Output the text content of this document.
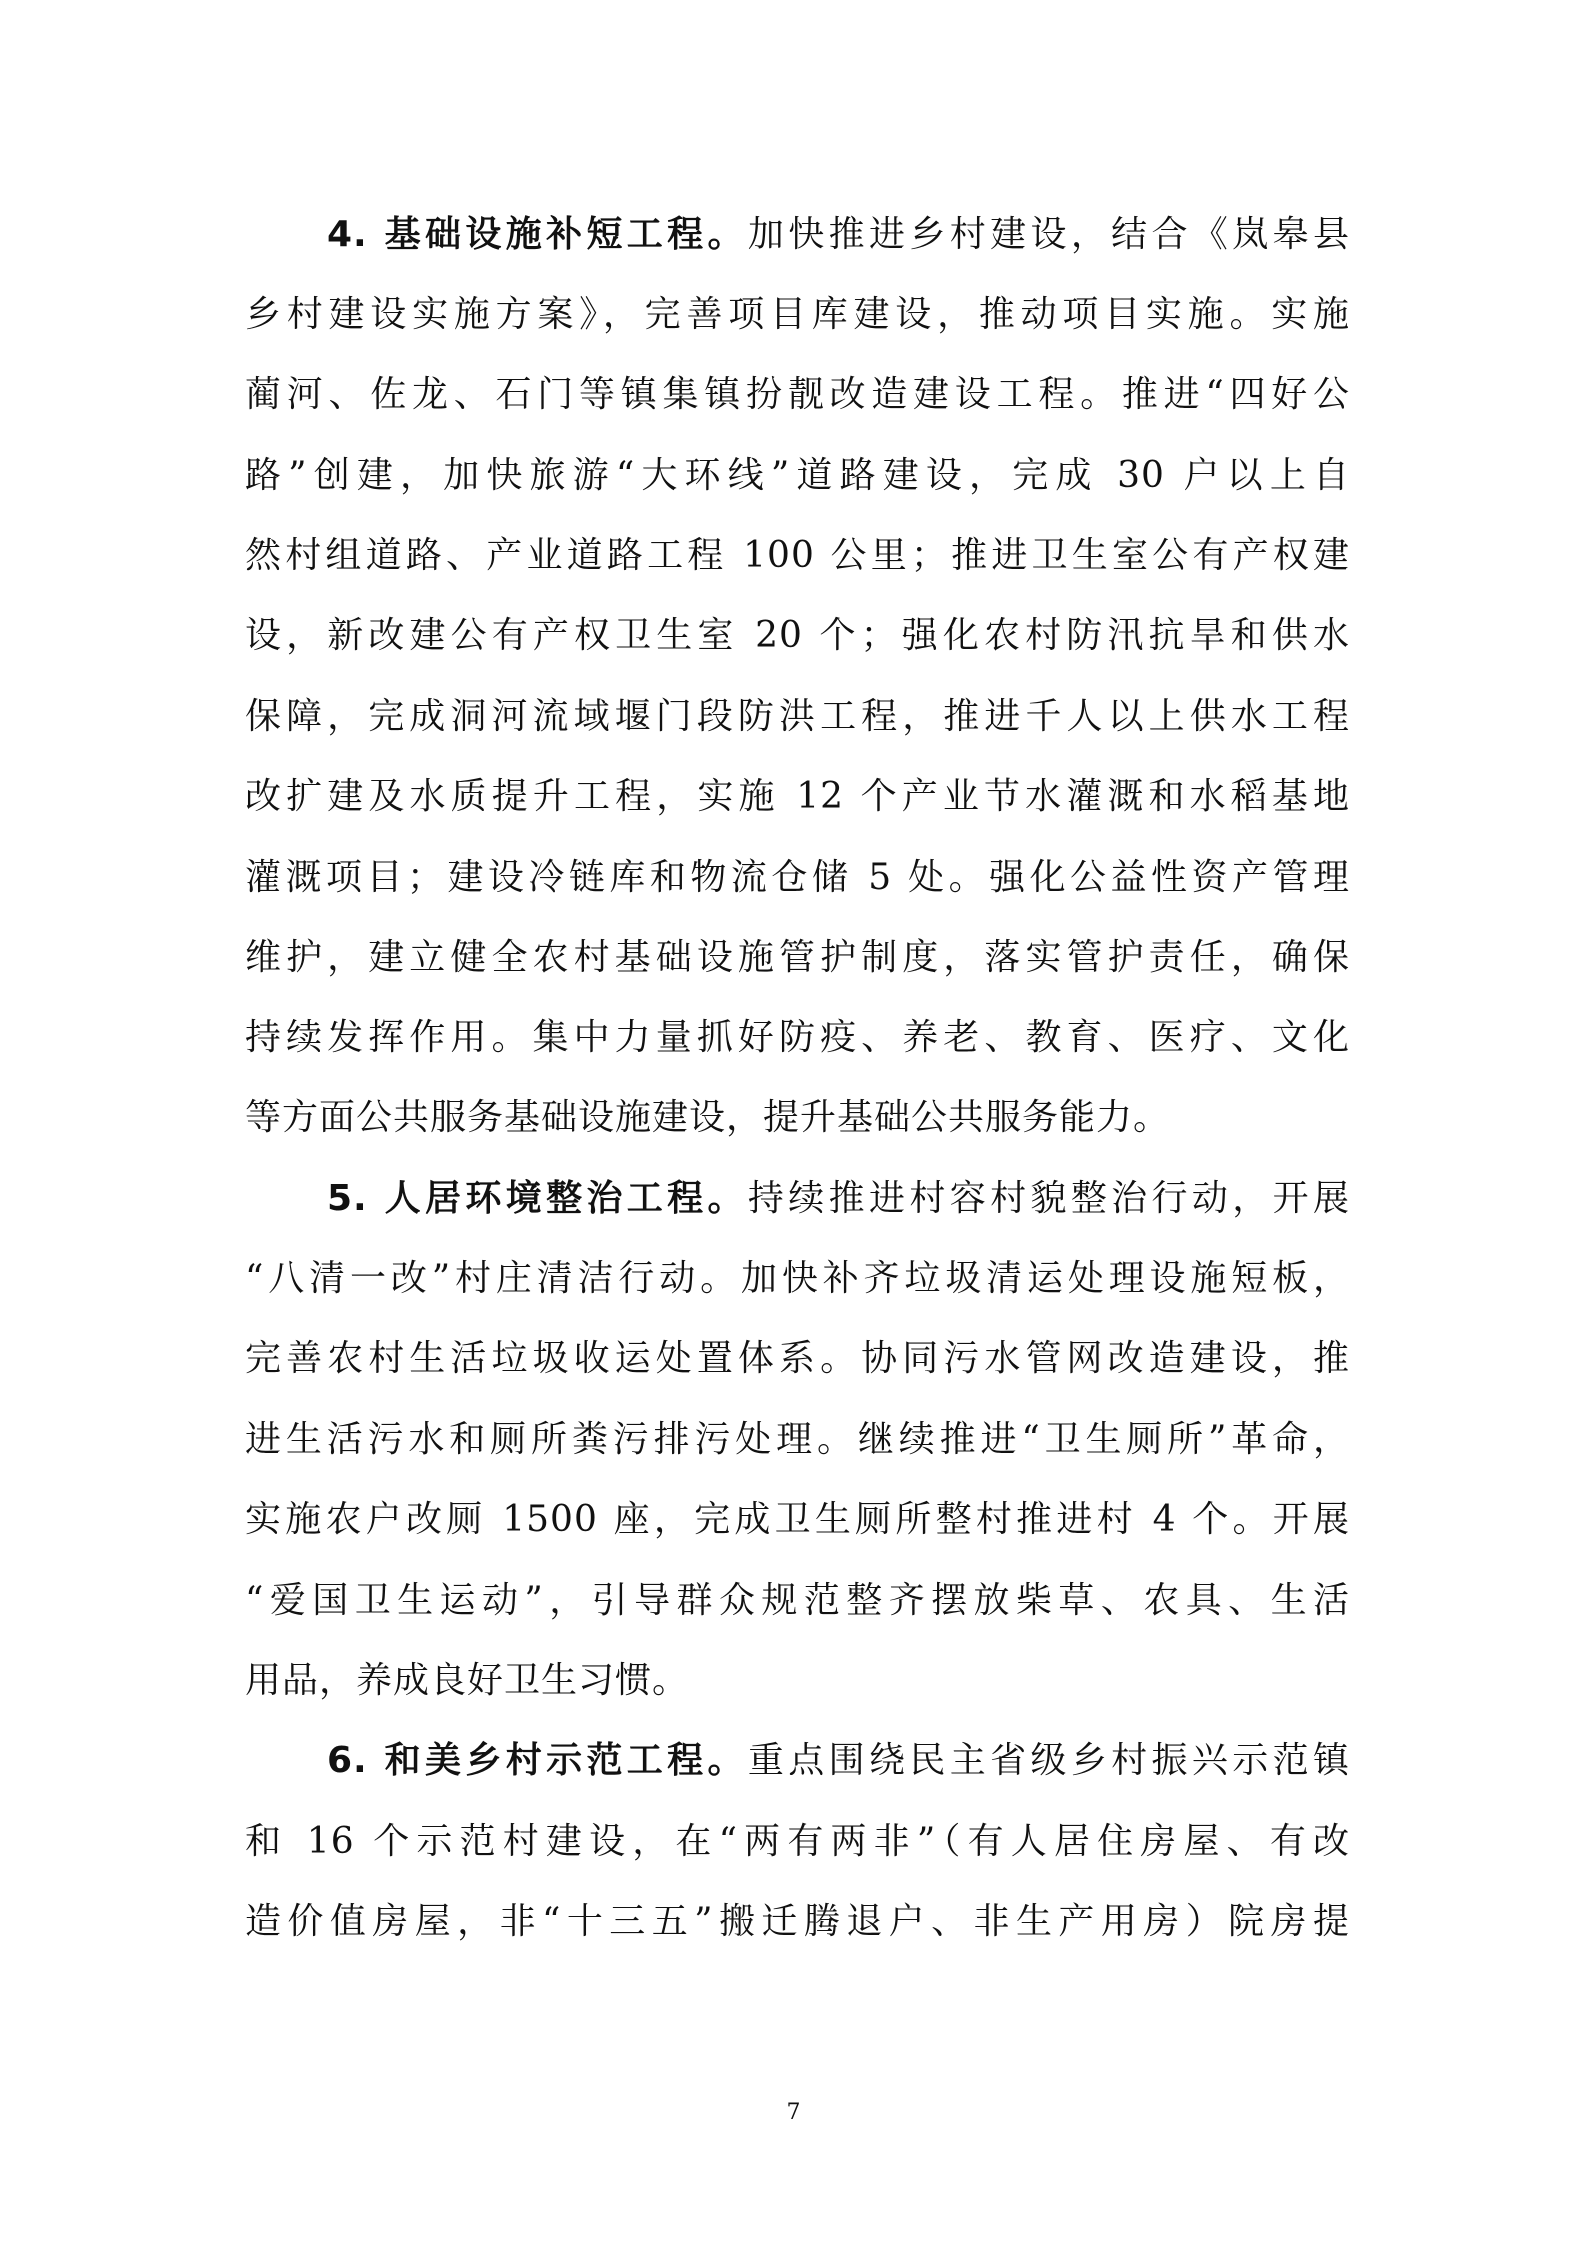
4. 基础设施补短工程。加快推进乡村建设，结合《岚皋县
乡村建设实施方案》，完善项目库建设，推动项目实施。实施
蔺河、佐龙、石门等镇集镇扮靓改造建设工程。推进“四好公
路”创建，加快旅游“大环线”道路建设，完成 30 户以上自
然村组道路、产业道路工程 100 公里；推进卫生室公有产权建
设，新改建公有产权卫生室 20 个；强化农村防汛抗旱和供水
保障，完成洞河流域堰门段防洪工程，推进千人以上供水工程
改扩建及水质提升工程，实施 12 个产业节水灌溉和水稻基地
灌溉项目；建设冷链库和物流仓储 5 处。强化公益性资产管理
维护，建立健全农村基础设施管护制度，落实管护责任，确保
持续发挥作用。集中力量抓好防疫、养老、教育、医疗、文化
等方面公共服务基础设施建设，提升基础公共服务能力。
5. 人居环境整治工程。持续推进村容村貌整治行动，开展
“八清一改”村庄清洁行动。加快补齐垃圾清运处理设施短板，
完善农村生活垃圾收运处置体系。协同污水管网改造建设，推
进生活污水和厕所粪污排污处理。继续推进“卫生厕所”革命，
实施农户改厕 1500 座，完成卫生厕所整村推进村 4 个。开展
“爱国卫生运动”，引导群众规范整齐摆放柴草、农具、生活
用品，养成良好卫生习惯。
6. 和美乡村示范工程。重点围绕民主省级乡村振兴示范镇
和 16 个示范村建设，在“两有两非”（有人居住房屋、有改
造价值房屋，非“十三五”搬迁腾退户、非生产用房）院房提
7
